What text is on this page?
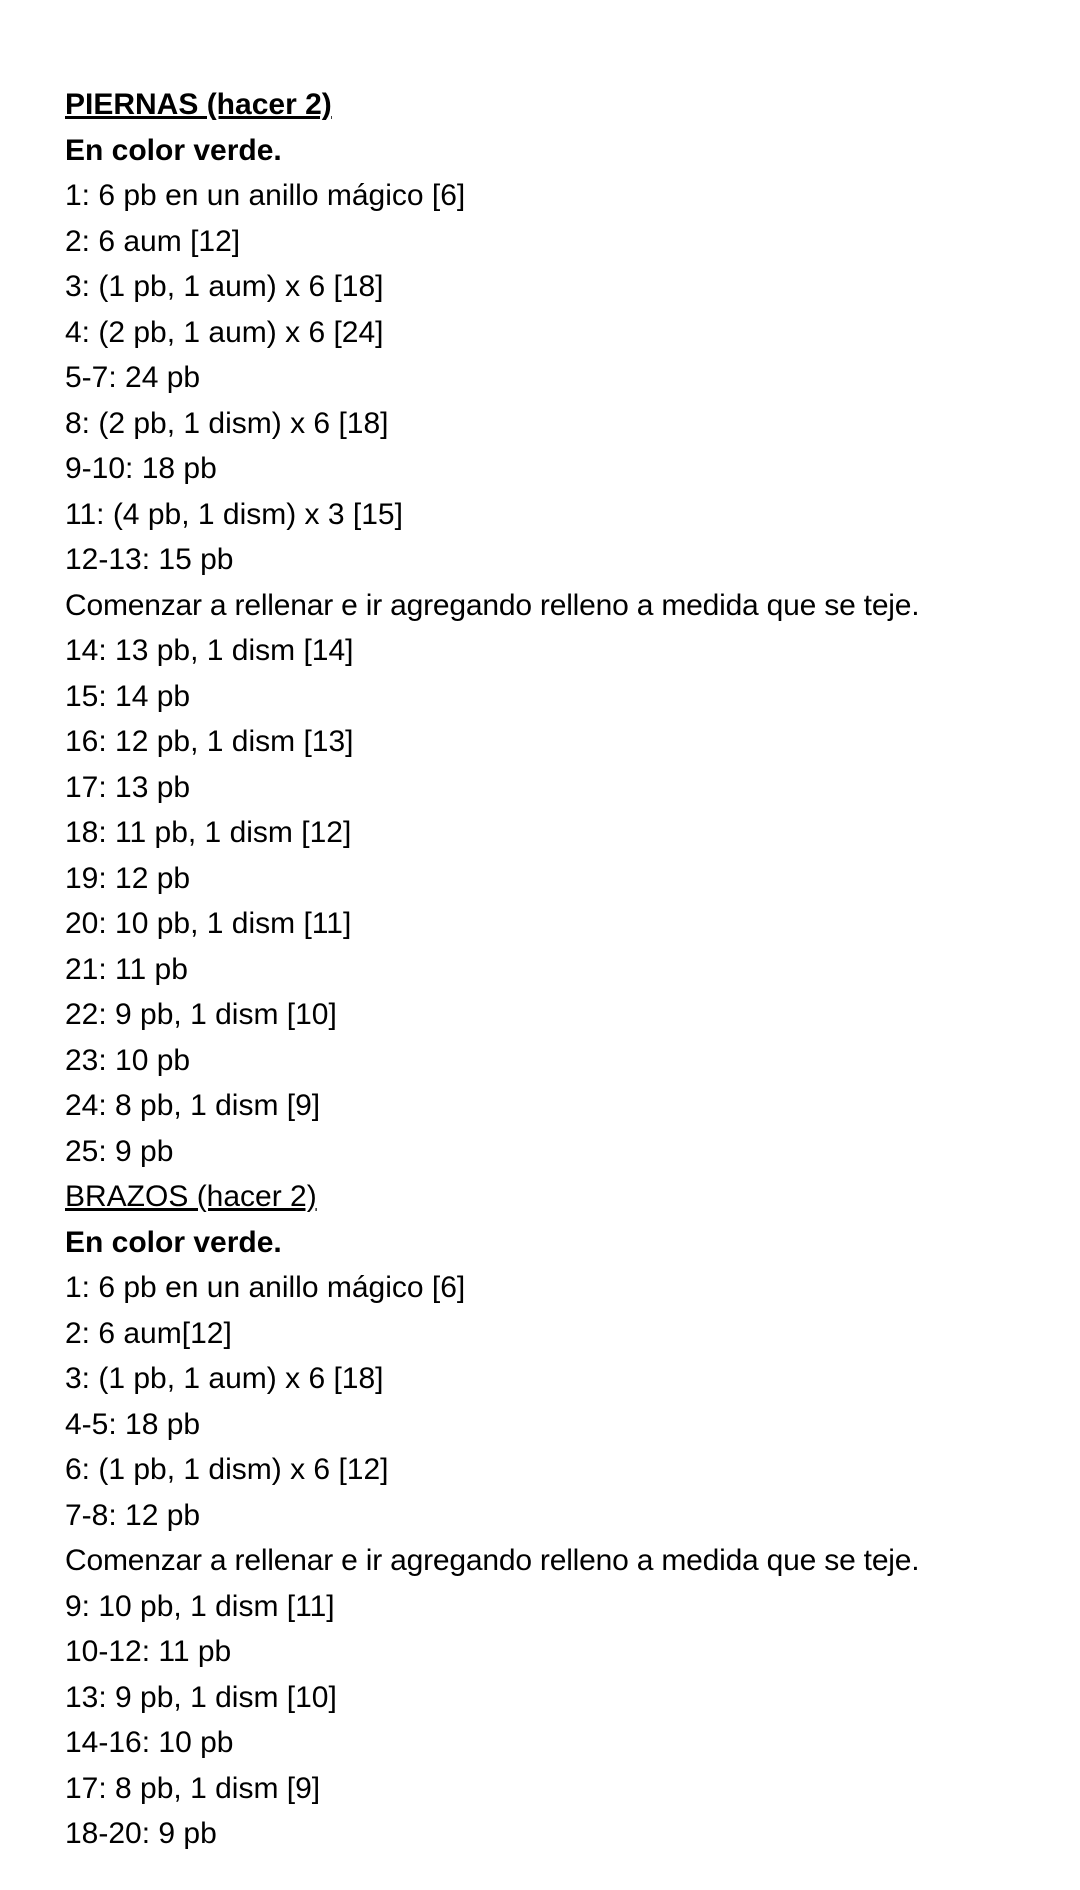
PIERNAS (hacer 2)
En color verde.
1: 6 pb en un anillo mágico [6]
2: 6 aum [12]
3: (1 pb, 1 aum) x 6 [18]
4: (2 pb, 1 aum) x 6 [24]
5-7: 24 pb
8: (2 pb, 1 dism) x 6 [18]
9-10: 18 pb
11: (4 pb, 1 dism) x 3 [15]
12-13: 15 pb
Comenzar a rellenar e ir agregando relleno a medida que se teje.
14: 13 pb, 1 dism [14]
15: 14 pb
16: 12 pb, 1 dism [13]
17: 13 pb
18: 11 pb, 1 dism [12]
19: 12 pb
20: 10 pb, 1 dism [11]
21: 11 pb
22: 9 pb, 1 dism [10]
23: 10 pb
24: 8 pb, 1 dism [9]
25: 9 pb
BRAZOS (hacer 2)
En color verde.
1: 6 pb en un anillo mágico [6]
2: 6 aum[12]
3: (1 pb, 1 aum) x 6 [18]
4-5: 18 pb
6: (1 pb, 1 dism) x 6 [12]
7-8: 12 pb
Comenzar a rellenar e ir agregando relleno a medida que se teje.
9: 10 pb, 1 dism [11]
10-12: 11 pb
13: 9 pb, 1 dism [10]
14-16: 10 pb
17: 8 pb, 1 dism [9]
18-20: 9 pb
